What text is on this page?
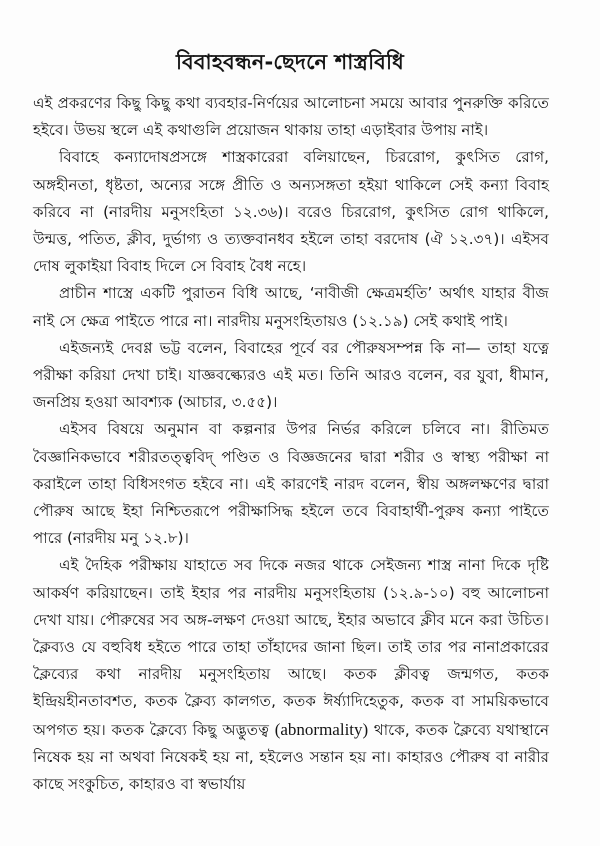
বিবাহবন্ধন-ছেদনে শাস্ত্রবিধি

এই প্রকরণের কিছু কিছু কথা ব্যবহার-নির্ণয়ের আলোচনা সময়ে আবার পুনরুক্তি করিতে হইবে। উভয় স্থলে এই কথাগুলি প্রয়োজন থাকায় তাহা এড়াইবার উপায় নাই।

বিবাহে কন্যাদোষপ্রসঙ্গে শাস্ত্রকারেরা বলিয়াছেন, চিররোগ, কুৎসিত রোগ, অঙ্গহীনতা, ধৃষ্টতা, অন্যের সঙ্গে প্রীতি ও অন্যসঙ্গতা হইয়া থাকিলে সেই কন্যা বিবাহ করিবে না (নারদীয় মনুসংহিতা ১২.৩৬)। বরেও চিররোগ, কুৎসিত রোগ থাকিলে, উন্মত্ত, পতিত, ক্লীব, দুর্ভাগ্য ও ত্যক্তবানধব হইলে তাহা বরদোষ (ঐ ১২.৩৭)। এইসব দোষ লুকাইয়া বিবাহ দিলে সে বিবাহ বৈধ নহে।

প্রাচীন শাস্ত্রে একটি পুরাতন বিধি আছে, ‘নাবীজী ক্ষেত্রমর্হতি’ অর্থাৎ যাহার বীজ নাই সে ক্ষেত্র পাইতে পারে না। নারদীয় মনুসংহিতায়ও (১২.১৯) সেই কথাই পাই।

এইজন্যই দেবণ্ণ ভট্ট বলেন, বিবাহের পূর্বে বর পৌরুষসম্পন্ন কি না— তাহা যত্নে পরীক্ষা করিয়া দেখা চাই। যাজ্ঞবল্ক্যেরও এই মত। তিনি আরও বলেন, বর যুবা, ধীমান, জনপ্রিয় হওয়া আবশ্যক (আচার, ৩.৫৫)।

এইসব বিষয়ে অনুমান বা কল্পনার উপর নির্ভর করিলে চলিবে না। রীতিমত বৈজ্ঞানিকভাবে শরীরতত্ত্ববিদ্ পণ্ডিত ও বিজ্ঞজনের দ্বারা শরীর ও স্বাস্থ্য পরীক্ষা না করাইলে তাহা বিধিসংগত হইবে না। এই কারণেই নারদ বলেন, স্বীয় অঙ্গলক্ষণের দ্বারা পৌরুষ আছে ইহা নিশ্চিতরূপে পরীক্ষাসিদ্ধ হইলে তবে বিবাহার্থী-পুরুষ কন্যা পাইতে পারে (নারদীয় মনু ১২.৮)।

এই দৈহিক পরীক্ষায় যাহাতে সব দিকে নজর থাকে সেইজন্য শাস্ত্র নানা দিকে দৃষ্টি আকর্ষণ করিয়াছেন। তাই ইহার পর নারদীয় মনুসংহিতায় (১২.৯-১০) বহু আলোচনা দেখা যায়। পৌরুষের সব অঙ্গ-লক্ষণ দেওয়া আছে, ইহার অভাবে ক্লীব মনে করা উচিত। ক্লৈব্যও যে বহুবিধ হইতে পারে তাহা তাঁহাদের জানা ছিল। তাই তার পর নানাপ্রকারের ক্লৈব্যের কথা নারদীয় মনুসংহিতায় আছে। কতক ক্লীবত্ব জন্মগত, কতক ইন্দ্রিয়হীনতাবশত, কতক ক্লৈব্য কালগত, কতক ঈর্ষ্যাদিহেতুক, কতক বা সাময়িকভাবে অপগত হয়। কতক ক্লৈব্যে কিছু অদ্ভুতত্ব (abnormality) থাকে, কতক ক্লৈব্যে যথাস্থানে নিষেক হয় না অথবা নিষেকই হয় না, হইলেও সন্তান হয় না। কাহারও পৌরুষ বা নারীর কাছে সংকুচিত, কাহারও বা স্বভার্যায়
